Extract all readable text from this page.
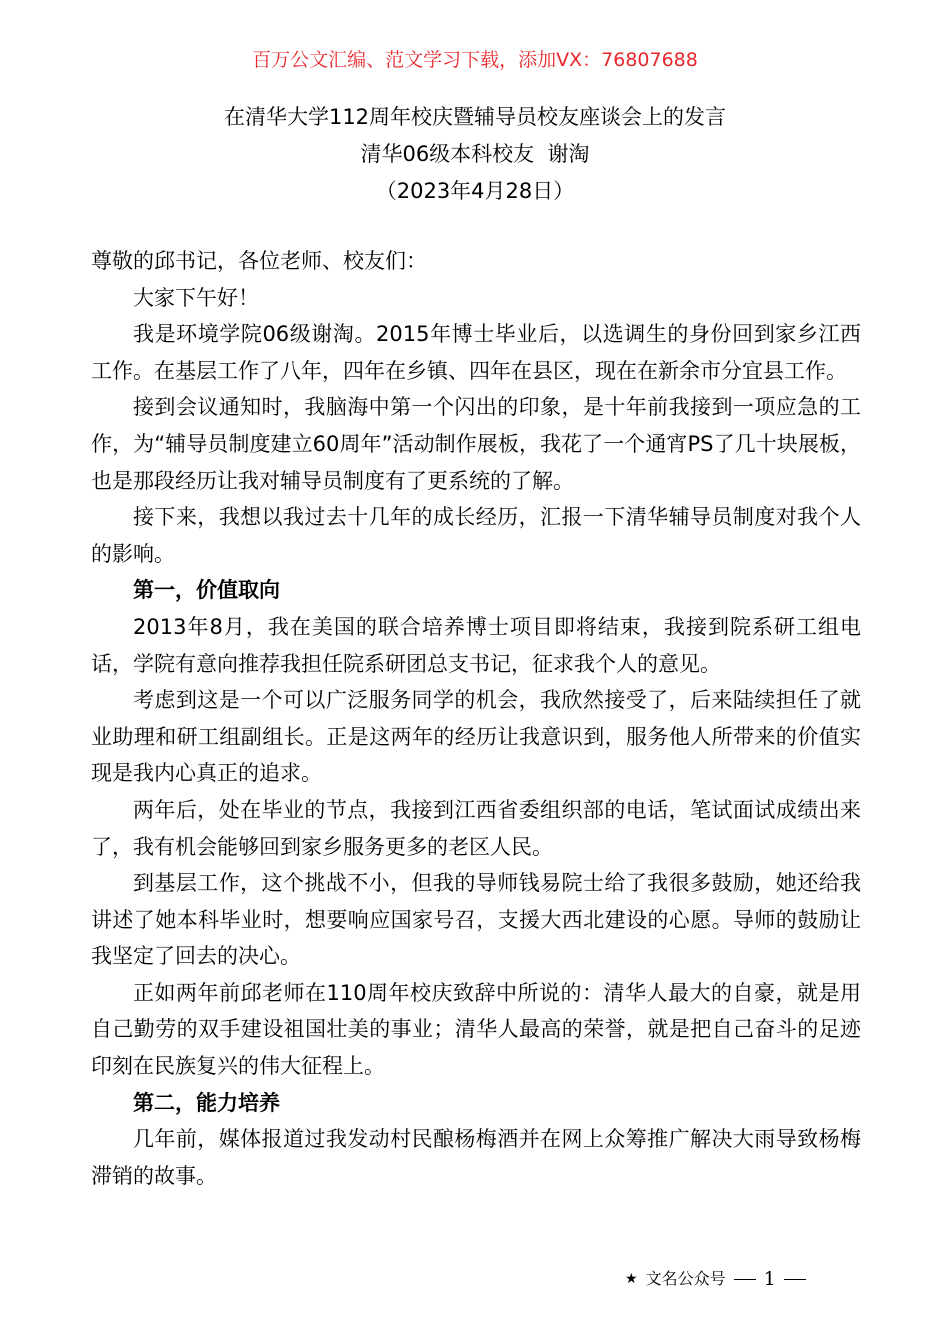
百万公文汇编、范文学习下载，添加VX：76807688
在清华大学112周年校庆暨辅导员校友座谈会上的发言
清华06级本科校友  谢淘
（2023年4月28日）

尊敬的邱书记，各位老师、校友们：

大家下午好！

我是环境学院06级谢淘。2015年博士毕业后，以选调生的身份回到家乡江西工作。在基层工作了八年，四年在乡镇、四年在县区，现在在新余市分宜县工作。

接到会议通知时，我脑海中第一个闪出的印象，是十年前我接到一项应急的工作，为“辅导员制度建立60周年”活动制作展板，我花了一个通宵PS了几十块展板，也是那段经历让我对辅导员制度有了更系统的了解。

接下来，我想以我过去十几年的成长经历，汇报一下清华辅导员制度对我个人的影响。

第一，价值取向

2013年8月，我在美国的联合培养博士项目即将结束，我接到院系研工组电话，学院有意向推荐我担任院系研团总支书记，征求我个人的意见。

考虑到这是一个可以广泛服务同学的机会，我欣然接受了，后来陆续担任了就业助理和研工组副组长。正是这两年的经历让我意识到，服务他人所带来的价值实现是我内心真正的追求。

两年后，处在毕业的节点，我接到江西省委组织部的电话，笔试面试成绩出来了，我有机会能够回到家乡服务更多的老区人民。

到基层工作，这个挑战不小，但我的导师钱易院士给了我很多鼓励，她还给我讲述了她本科毕业时，想要响应国家号召，支援大西北建设的心愿。导师的鼓励让我坚定了回去的决心。

正如两年前邱老师在110周年校庆致辞中所说的：清华人最大的自豪，就是用自己勤劳的双手建设祖国壮美的事业；清华人最高的荣誉，就是把自己奋斗的足迹印刻在民族复兴的伟大征程上。

第二，能力培养

几年前，媒体报道过我发动村民酿杨梅酒并在网上众筹推广解决大雨导致杨梅滞销的故事。

★ 文名公众号 1
